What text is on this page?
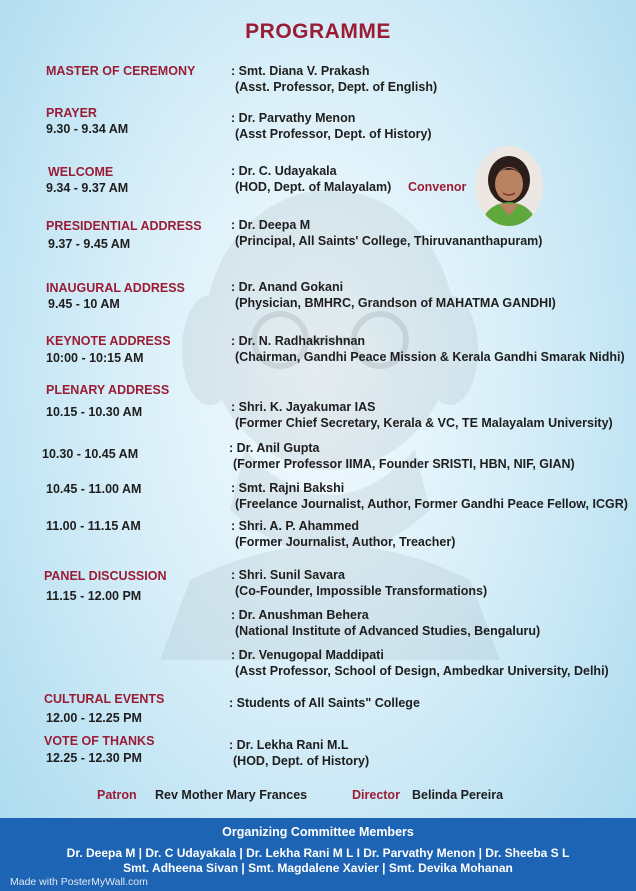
PROGRAMME
MASTER OF CEREMONY	: Smt. Diana V. Prakash
(Asst. Professor, Dept. of English)
PRAYER
9.30 - 9.34 AM
: Dr. Parvathy Menon
(Asst Professor, Dept. of History)
WELCOME
9.34 - 9.37 AM
: Dr. C. Udayakala
(HOD, Dept. of Malayalam) Convenor
PRESIDENTIAL ADDRESS
9.37 - 9.45 AM
: Dr. Deepa M
(Principal, All Saints' College, Thiruvananthapuram)
INAUGURAL ADDRESS
9.45 - 10 AM
: Dr. Anand Gokani
(Physician, BMHRC, Grandson of MAHATMA GANDHI)
KEYNOTE ADDRESS
10:00 - 10:15 AM
: Dr. N. Radhakrishnan
(Chairman, Gandhi Peace Mission & Kerala Gandhi Smarak Nidhi)
PLENARY ADDRESS
10.15 - 10.30 AM	: Shri. K. Jayakumar IAS
(Former Chief Secretary, Kerala & VC, TE Malayalam University)
10.30 - 10.45 AM	: Dr. Anil Gupta
(Former Professor IIMA, Founder SRISTI, HBN, NIF, GIAN)
10.45 - 11.00 AM	: Smt. Rajni Bakshi
(Freelance Journalist, Author, Former Gandhi Peace Fellow, ICGR)
11.00 - 11.15 AM	: Shri. A. P. Ahammed
(Former Journalist, Author, Treacher)
PANEL DISCUSSION
11.15 - 12.00 PM
: Shri. Sunil Savara
(Co-Founder, Impossible Transformations)
: Dr. Anushman Behera
(National Institute of Advanced Studies, Bengaluru)
: Dr. Venugopal Maddipati
(Asst Professor, School of Design, Ambedkar University, Delhi)
CULTURAL EVENTS
12.00 - 12.25 PM
: Students of All Saints" College
VOTE OF THANKS
12.25 - 12.30 PM
: Dr. Lekha Rani M.L
(HOD, Dept. of History)
Patron Rev Mother Mary Frances	Director Belinda Pereira
Organizing Committee Members
Dr. Deepa M | Dr. C Udayakala | Dr. Lekha Rani M L I Dr. Parvathy Menon | Dr. Sheeba S L
Smt. Adheena Sivan | Smt. Magdalene Xavier | Smt. Devika Mohanan
Made with PosterMyWall.com
